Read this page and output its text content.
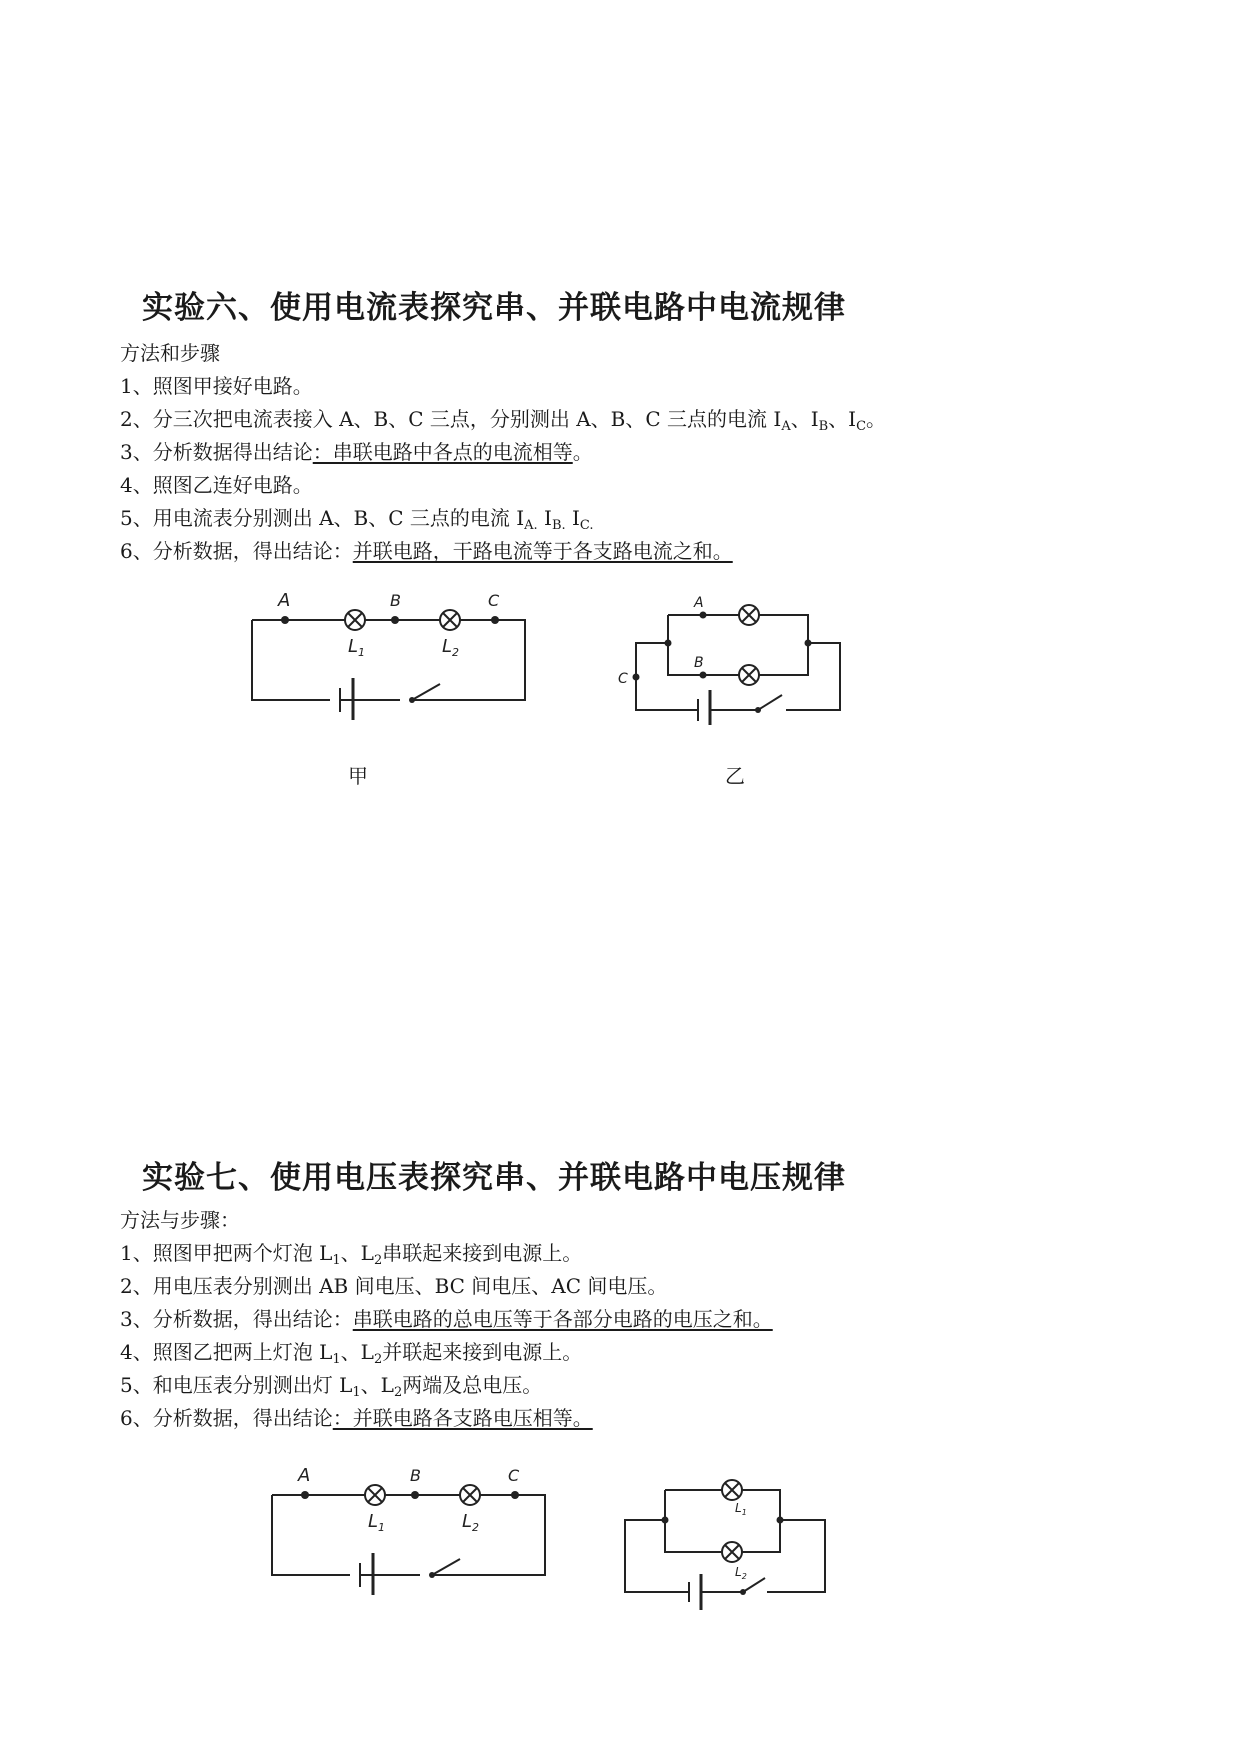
实验六、使用电流表探究串、并联电路中电流规律
方法和步骤
1、照图甲接好电路。
2、分三次把电流表接入 A、B、C 三点，分别测出 A、B、C 三点的电流 $I_A$、$I_B$、$I_C$。
3、分析数据得出结论：串联电路中各点的电流相等。
4、照图乙连好电路。
5、用电流表分别测出 A、B、C 三点的电流 $I_{A.}$ $I_{B.}$ $I_{C.}$
6、分析数据，得出结论：并联电路，干路电流等于各支路电流之和。
A	B	C
$L_1$	$L_2$
A
B
C
甲	乙
实验七、使用电压表探究串、并联电路中电压规律
方法与步骤：
1、照图甲把两个灯泡 $L_1$、$L_2$串联起来接到电源上。
2、用电压表分别测出 AB 间电压、BC 间电压、AC 间电压。
3、分析数据，得出结论：串联电路的总电压等于各部分电路的电压之和。
4、照图乙把两上灯泡 $L_1$、$L_2$并联起来接到电源上。
5、和电压表分别测出灯 $L_1$、$L_2$两端及总电压。
6、分析数据，得出结论：并联电路各支路电压相等。
A	B	C
$L_1$	$L_2$
$L_1$
$L_2$
